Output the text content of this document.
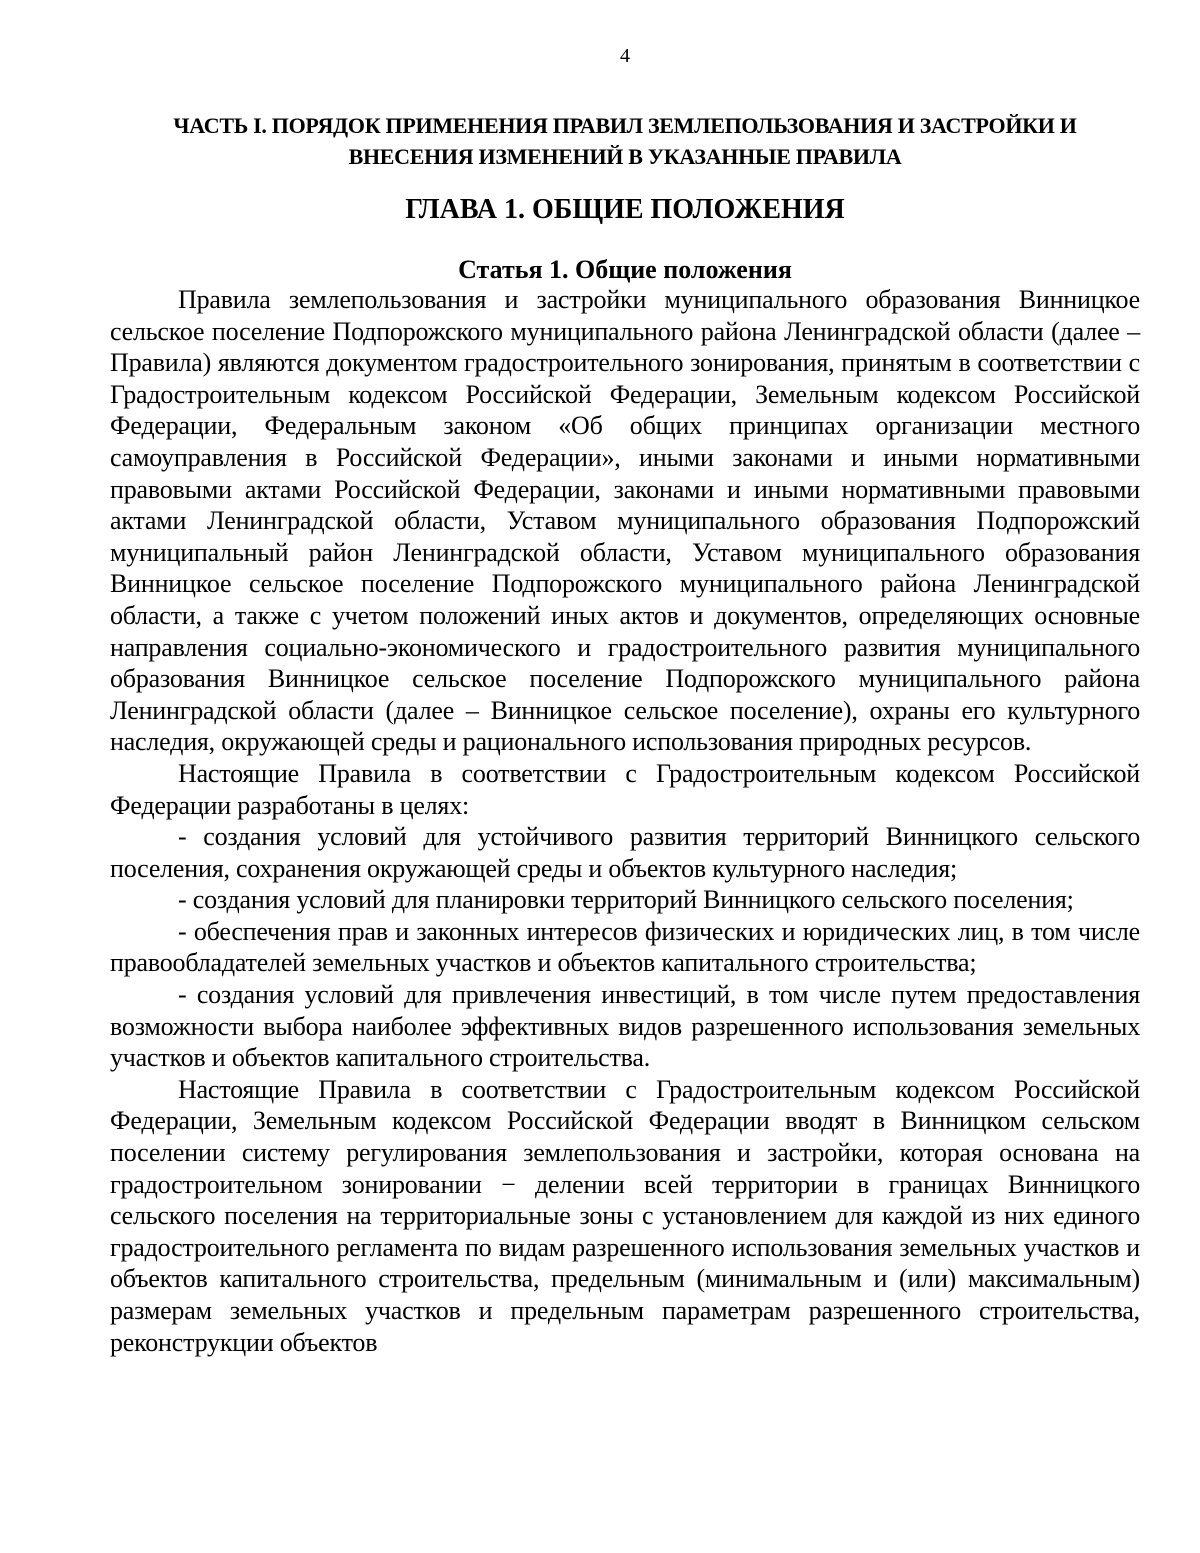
4
ЧАСТЬ I. ПОРЯДОК ПРИМЕНЕНИЯ ПРАВИЛ ЗЕМЛЕПОЛЬЗОВАНИЯ И ЗАСТРОЙКИ И ВНЕСЕНИЯ ИЗМЕНЕНИЙ В УКАЗАННЫЕ ПРАВИЛА
ГЛАВА 1. ОБЩИЕ ПОЛОЖЕНИЯ
Статья 1. Общие положения

Правила землепользования и застройки муниципального образования Винницкое сельское поселение Подпорожского муниципального района Ленинградской области (далее – Правила) являются документом градостроительного зонирования, принятым в соответствии с Градостроительным кодексом Российской Федерации, Земельным кодексом Российской Федерации, Федеральным законом «Об общих принципах организации местного самоуправления в Российской Федерации», иными законами и иными нормативными правовыми актами Российской Федерации, законами и иными нормативными правовыми актами Ленинградской области, Уставом муниципального образования Подпорожский муниципальный район Ленинградской области, Уставом муниципального образования Винницкое сельское поселение Подпорожского муниципального района Ленинградской области, а также с учетом положений иных актов и документов, определяющих основные направления социально-экономического и градостроительного развития муниципального образования Винницкое сельское поселение Подпорожского муниципального района Ленинградской области (далее – Винницкое сельское поселение), охраны его культурного наследия, окружающей среды и рационального использования природных ресурсов.

Настоящие Правила в соответствии с Градостроительным кодексом Российской Федерации разработаны в целях:

- создания условий для устойчивого развития территорий Винницкого сельского поселения, сохранения окружающей среды и объектов культурного наследия;

- создания условий для планировки территорий Винницкого сельского поселения;

- обеспечения прав и законных интересов физических и юридических лиц, в том числе правообладателей земельных участков и объектов капитального строительства;

- создания условий для привлечения инвестиций, в том числе путем предоставления возможности выбора наиболее эффективных видов разрешенного использования земельных участков и объектов капитального строительства.

Настоящие Правила в соответствии с Градостроительным кодексом Российской Федерации, Земельным кодексом Российской Федерации вводят в Винницком сельском поселении систему регулирования землепользования и застройки, которая основана на градостроительном зонировании − делении всей территории в границах Винницкого сельского поселения на территориальные зоны с установлением для каждой из них единого градостроительного регламента по видам разрешенного использования земельных участков и объектов капитального строительства, предельным (минимальным и (или) максимальным) размерам земельных участков и предельным параметрам разрешенного строительства, реконструкции объектов
